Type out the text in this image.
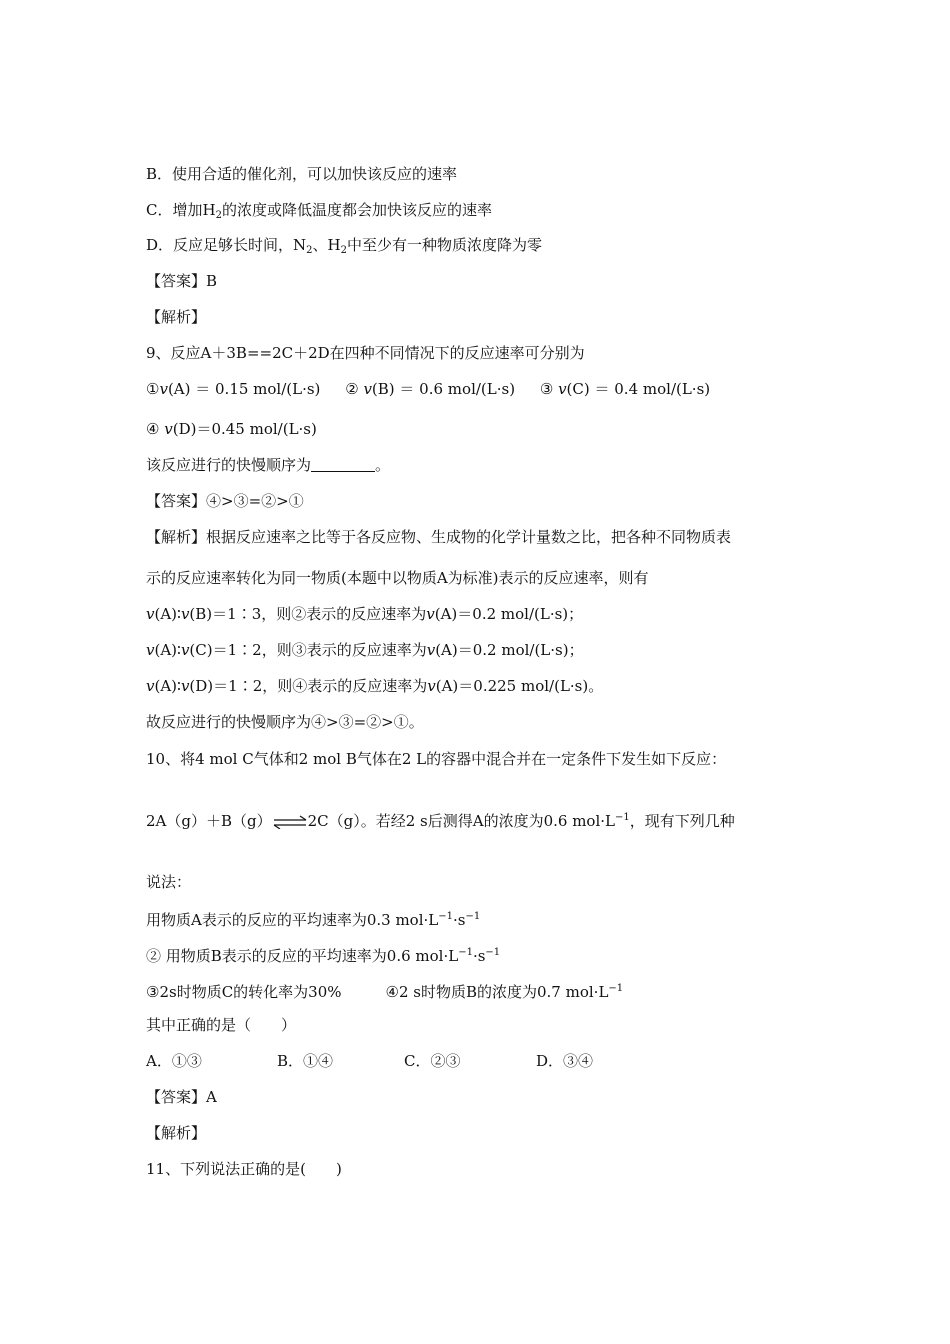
B．使用合适的催化剂，可以加快该反应的速率
C．增加$H_2$的浓度或降低温度都会加快该反应的速率
D．反应足够长时间，$N_2$、$H_2$中至少有一种物质浓度降为零
【答案】B
【解析】
9、反应A＋3B==2C＋2D在四种不同情况下的反应速率可分别为
①v(A) ＝ 0.15 mol/(L·s) ② v(B) ＝ 0.6 mol/(L·s) ③ v(C) ＝ 0.4 mol/(L·s)
④ v(D)＝0.45 mol/(L·s)
该反应进行的快慢顺序为	。
【答案】④>③=②>①
【解析】根据反应速率之比等于各反应物、生成物的化学计量数之比，把各种不同物质表
示的反应速率转化为同一物质(本题中以物质A为标准)表示的反应速率，则有
v(A)∶v(B)＝1∶3，则②表示的反应速率为v(A)＝0.2 mol/(L·s)；
v(A)∶v(C)＝1∶2，则③表示的反应速率为v(A)＝0.2 mol/(L·s)；
v(A)∶v(D)＝1∶2，则④表示的反应速率为v(A)＝0.225 mol/(L·s)。
故反应进行的快慢顺序为④>③=②>①。
10、将4 mol C气体和2 mol B气体在2 L的容器中混合并在一定条件下发生如下反应：
2A（g）＋B（g）⇌2C（g）。若经2 s后测得A的浓度为0.6 $mol\cdot L^{-1}$，现有下列几种
说法：
用物质A表示的反应的平均速率为0.3 $mol\cdot L^{-1}\cdot s^{-1}$
② 用物质B表示的反应的平均速率为0.6 $mol\cdot L^{-1}\cdot s^{-1}$
③2s时物质C的转化率为30%	④2 s时物质B的浓度为0.7 $mol\cdot L^{-1}$
其中正确的是（　　）
A．①③	B．①④	C．②③	D．③④
【答案】A
【解析】
11、下列说法正确的是(　　)
